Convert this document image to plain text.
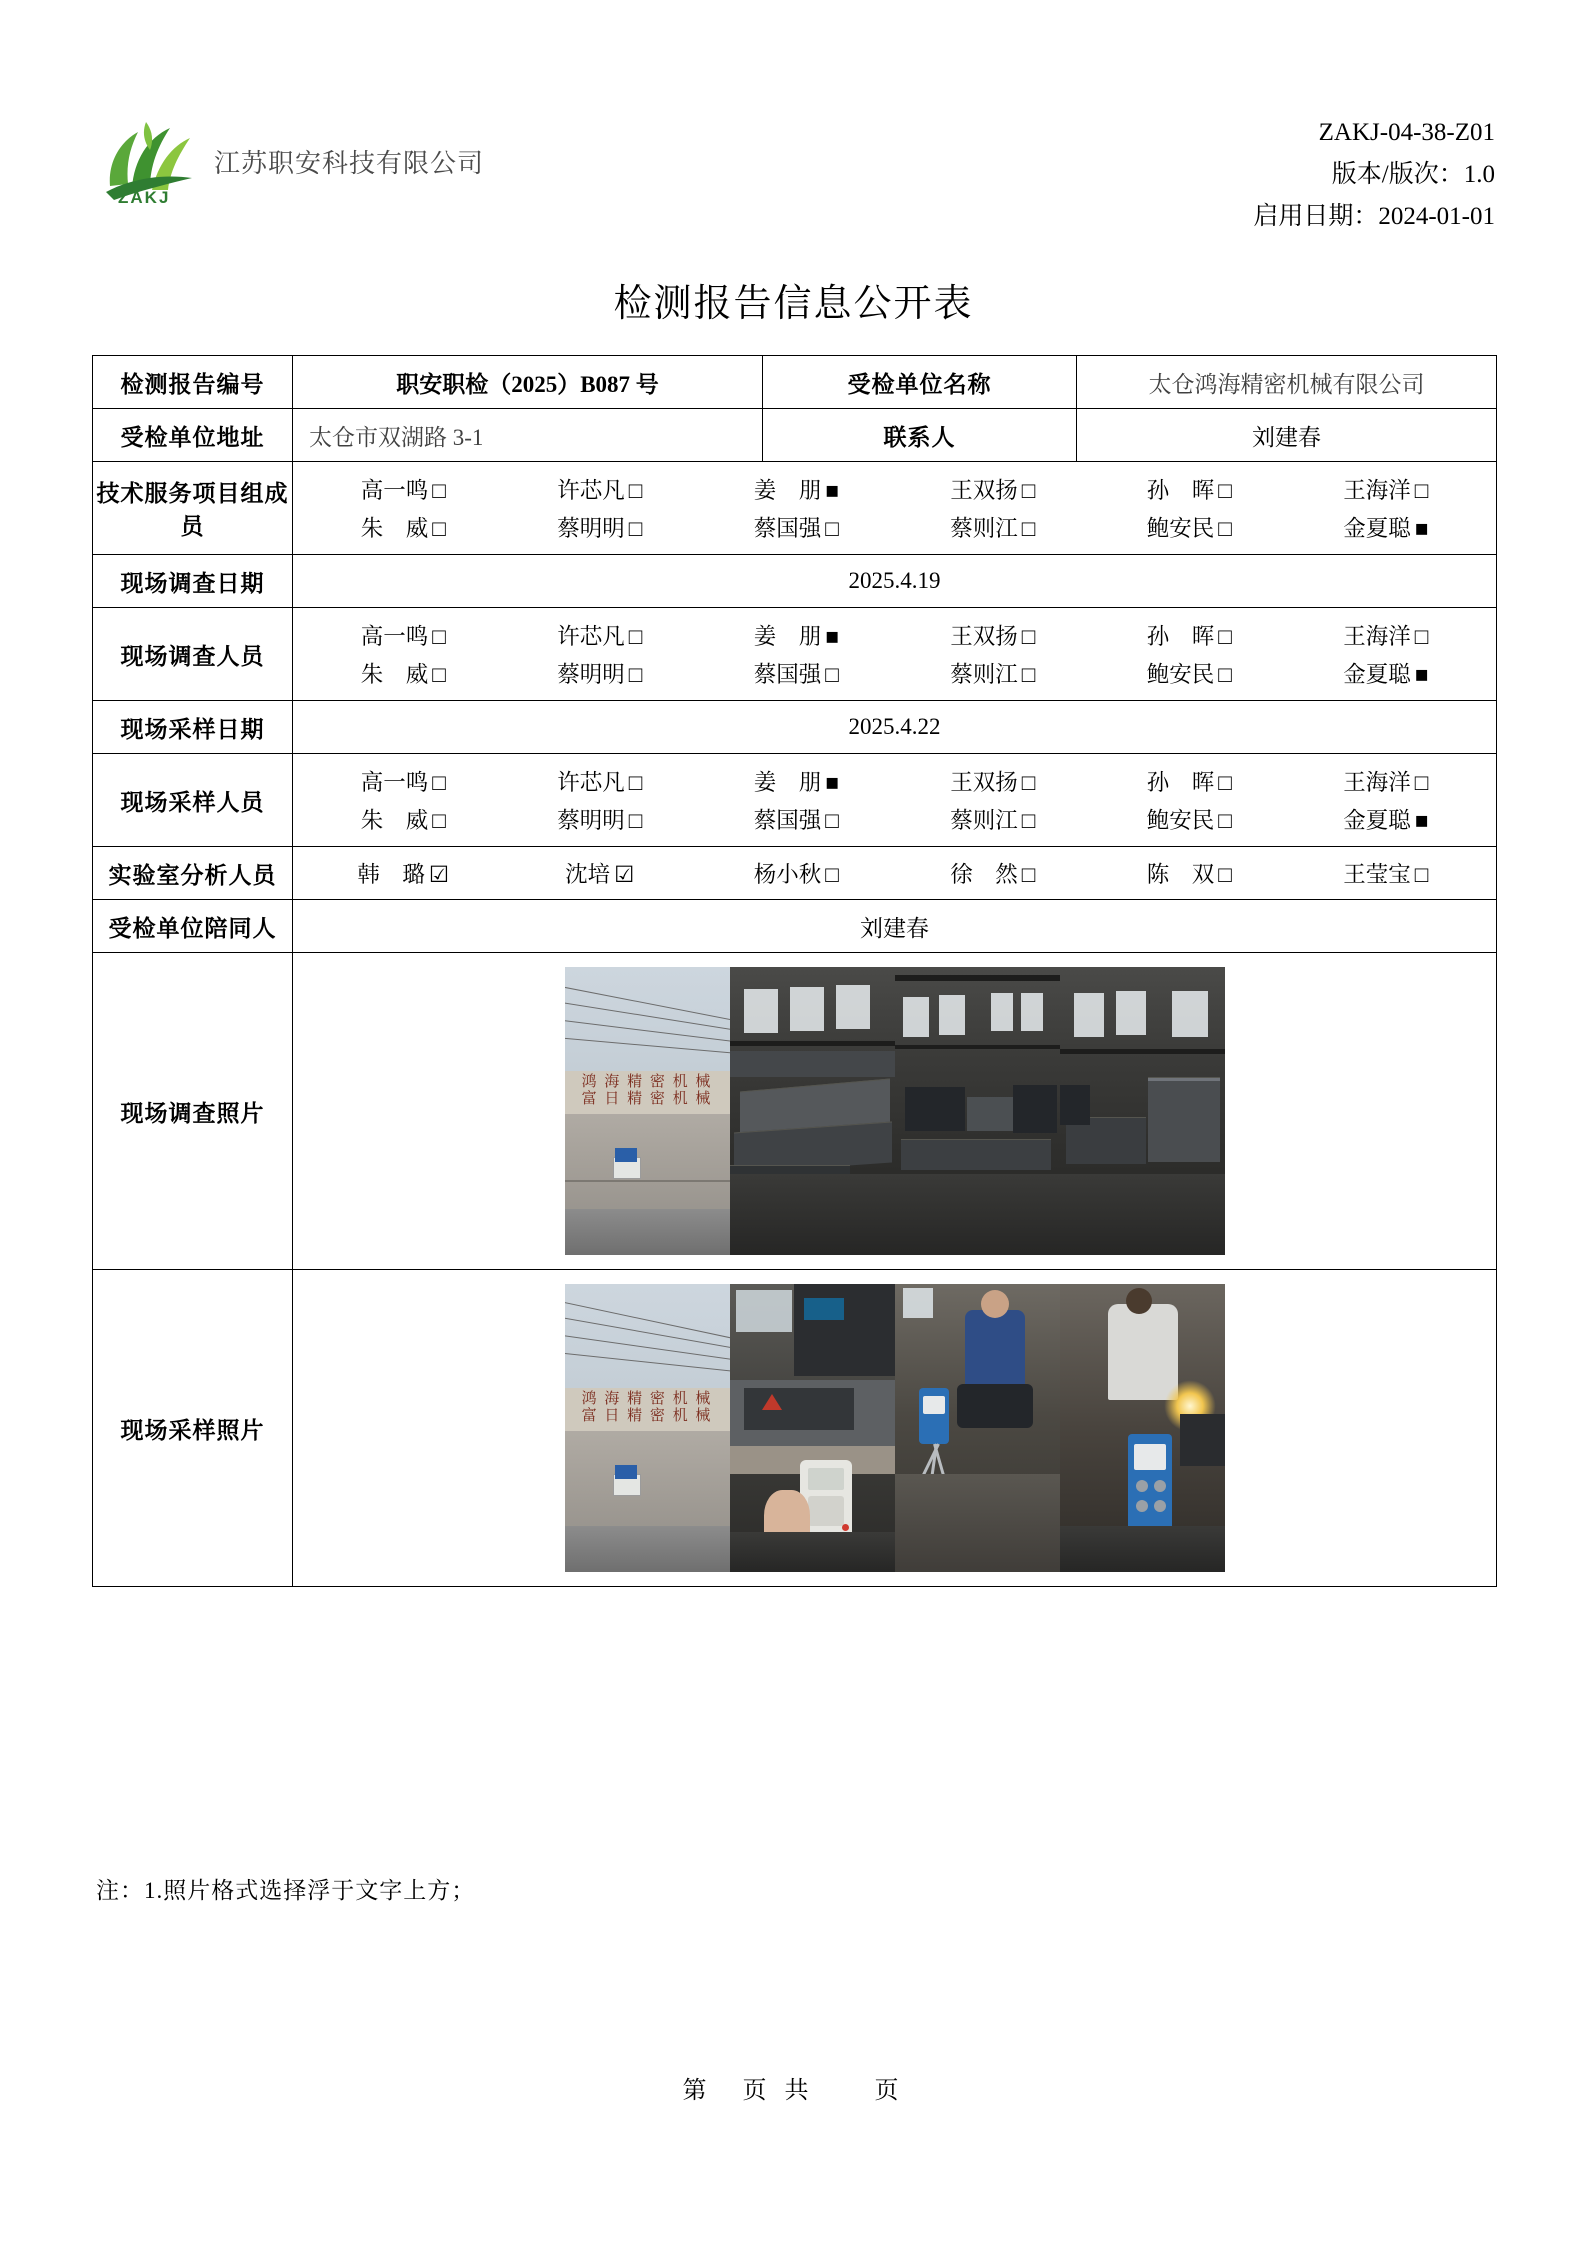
ZAKJ
江苏职安科技有限公司
ZAKJ-04-38-Z01
版本/版次：1.0
启用日期：2024-01-01
检测报告信息公开表
检测报告编号	职安职检（2025）B087 号	受检单位名称	太仓鸿海精密机械有限公司
受检单位地址	太仓市双湖路 3-1	联系人	刘建春
技术服务项目组成员	
高一鸣 □	许芯凡 □	姜　朋 ■	王双扬 □	孙　晖 □	王海洋 □
朱　威 □	蔡明明 □	蔡国强 □	蔡则江 □	鲍安民 □	金夏聪 ■

现场调查日期	2025.4.19		
现场调查人员	
高一鸣 □	许芯凡 □	姜　朋 ■	王双扬 □	孙　晖 □	王海洋 □
朱　威 □	蔡明明 □	蔡国强 □	蔡则江 □	鲍安民 □	金夏聪 ■

现场采样日期	2025.4.22		
现场采样人员	
高一鸣 □	许芯凡 □	姜　朋 ■	王双扬 □	孙　晖 □	王海洋 □
朱　威 □	蔡明明 □	蔡国强 □	蔡则江 □	鲍安民 □	金夏聪 ■

实验室分析人员	韩　璐 ☑	沈培 ☑	杨小秋 □	徐　然 □	陈　双 □	王莹宝 □

受检单位陪同人	刘建春		
现场调查照片	鸿 海 精 密 机 械
富 日 精 密 机 械		

现场采样照片	鸿 海 精 密 机 械
富 日 精 密 机 械		
注：1.照片格式选择浮于文字上方；
第　页 共　　页
